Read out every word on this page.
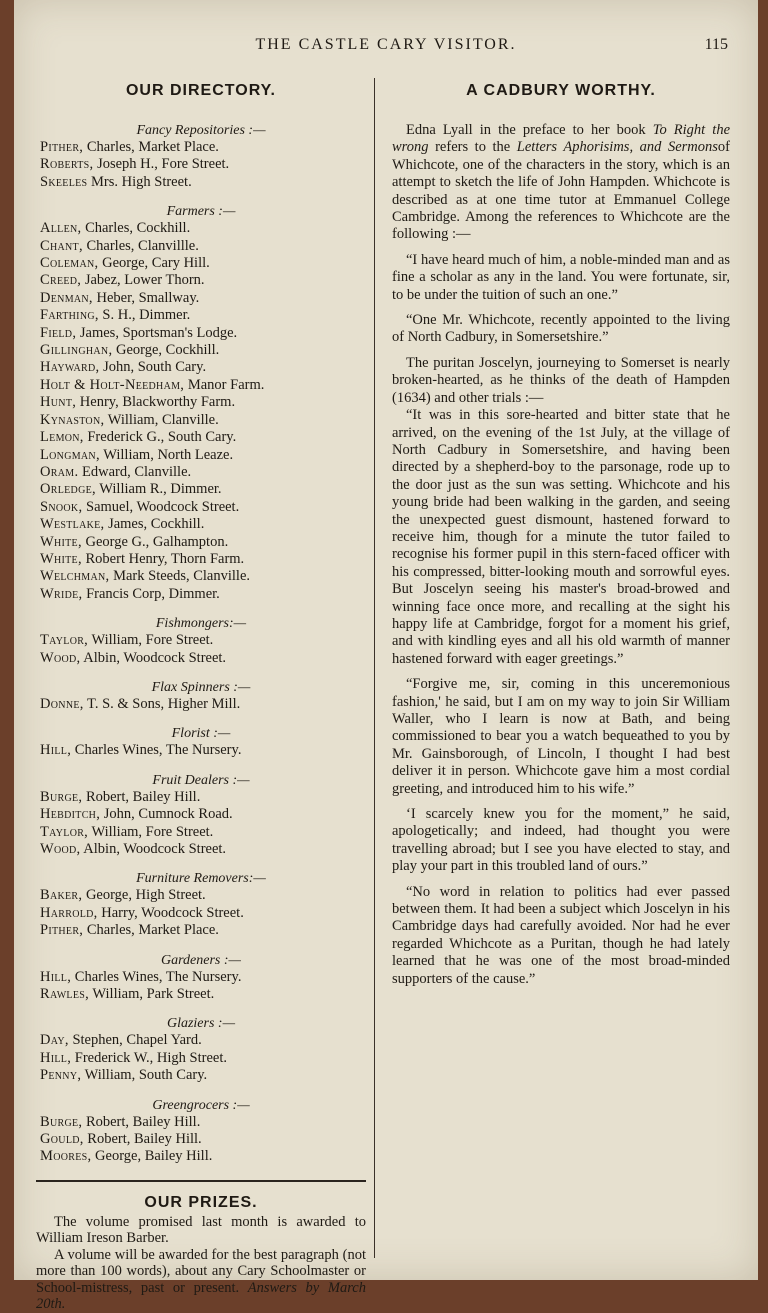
THE CASTLE CARY VISITOR.	115
OUR DIRECTORY.
Fancy Repositories :—
Pither, Charles, Market Place.
Roberts, Joseph H., Fore Street.
Skeeles Mrs. High Street.
Farmers :—
Allen, Charles, Cockhill.
Chant, Charles, Clanvillle.
Coleman, George, Cary Hill.
Creed, Jabez, Lower Thorn.
Denman, Heber, Smallway.
Farthing, S. H., Dimmer.
Field, James, Sportsman's Lodge.
Gillinghan, George, Cockhill.
Hayward, John, South Cary.
Holt & Holt-Needham, Manor Farm.
Hunt, Henry, Blackworthy Farm.
Kynaston, William, Clanville.
Lemon, Frederick G., South Cary.
Longman, William, North Leaze.
Oram. Edward, Clanville.
Orledge, William R., Dimmer.
Snook, Samuel, Woodcock Street.
Westlake, James, Cockhill.
White, George G., Galhampton.
White, Robert Henry, Thorn Farm.
Welchman, Mark Steeds, Clanville.
Wride, Francis Corp, Dimmer.
Fishmongers:—
Taylor, William, Fore Street.
Wood, Albin, Woodcock Street.
Flax Spinners :—
Donne, T. S. & Sons, Higher Mill.
Florist :—
Hill, Charles Wines, The Nursery.
Fruit Dealers :—
Burge, Robert, Bailey Hill.
Hebditch, John, Cumnock Road.
Taylor, William, Fore Street.
Wood, Albin, Woodcock Street.
Furniture Removers:—
Baker, George, High Street.
Harrold, Harry, Woodcock Street.
Pither, Charles, Market Place.
Gardeners :—
Hill, Charles Wines, The Nursery.
Rawles, William, Park Street.
Glaziers :—
Day, Stephen, Chapel Yard.
Hill, Frederick W., High Street.
Penny, William, South Cary.
Greengrocers :—
Burge, Robert, Bailey Hill.
Gould, Robert, Bailey Hill.
Moores, George, Bailey Hill.
OUR PRIZES.

The volume promised last month is awarded to William Ireson Barber.

A volume will be awarded for the best paragraph (not more than 100 words), about any Cary Schoolmaster or School-mistress, past or present. Answers by March 20th.

A CADBURY WORTHY.

Edna Lyall in the preface to her book To Right the wrong refers to the Letters Aphorisims, and Sermonsof Whichcote, one of the characters in the story, which is an attempt to sketch the life of John Hampden. Whichcote is described as at one time tutor at Emmanuel College Cambridge. Among the references to Whichcote are the following :—

“I have heard much of him, a noble-minded man and as fine a scholar as any in the land. You were fortunate, sir, to be under the tuition of such an one.”

“One Mr. Whichcote, recently appointed to the living of North Cadbury, in Somersetshire.”

The puritan Joscelyn, journeying to Somerset is nearly broken-hearted, as he thinks of the death of Hampden (1634) and other trials :—

“It was in this sore-hearted and bitter state that he arrived, on the evening of the 1st July, at the village of North Cadbury in Somersetshire, and having been directed by a shepherd-boy to the parsonage, rode up to the door just as the sun was setting. Whichcote and his young bride had been walking in the garden, and seeing the unexpected guest dismount, hastened forward to receive him, though for a minute the tutor failed to recognise his former pupil in this stern-faced officer with his compressed, bitter-looking mouth and sorrowful eyes. But Joscelyn seeing his master's broad-browed and winning face once more, and recalling at the sight his happy life at Cambridge, forgot for a moment his grief, and with kindling eyes and all his old warmth of manner hastened forward with eager greetings.”

“Forgive me, sir, coming in this unceremonious fashion,' he said, but I am on my way to join Sir William Waller, who I learn is now at Bath, and being commissioned to bear you a watch bequeathed to you by Mr. Gainsborough, of Lincoln, I thought I had best deliver it in person. Whichcote gave him a most cordial greeting, and introduced him to his wife.”

‘I scarcely knew you for the moment,” he said, apologetically; and indeed, had thought you were travelling abroad; but I see you have elected to stay, and play your part in this troubled land of ours.”

“No word in relation to politics had ever passed between them. It had been a subject which Joscelyn in his Cambridge days had carefully avoided. Nor had he ever regarded Whichcote as a Puritan, though he had lately learned that he was one of the most broad-minded supporters of the cause.”
